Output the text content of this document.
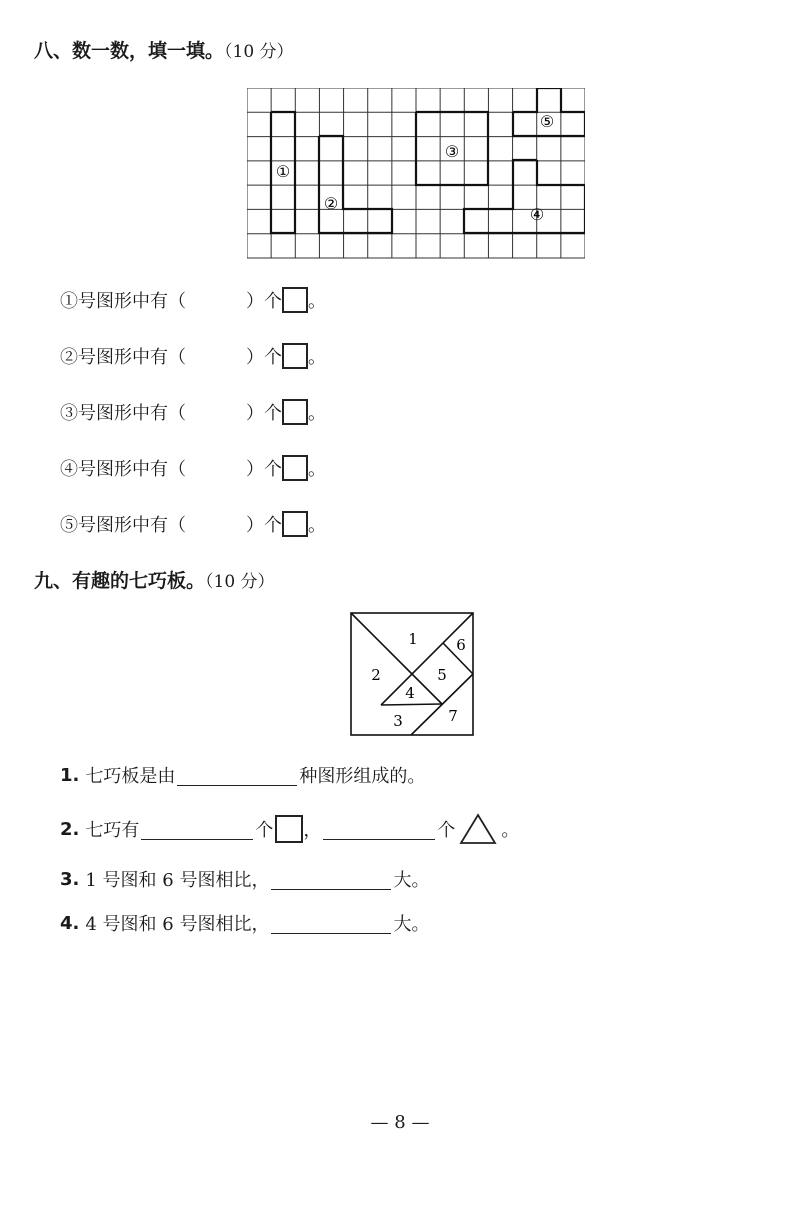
八、数一数，填一填。（10 分）
①
②
③
④
⑤
①号图形中有（	）个 。
②号图形中有（	）个 。
③号图形中有（	）个 。
④号图形中有（	）个 。
⑤号图形中有（	）个 。
九、有趣的七巧板。（10 分）
1
2
3
4
5
6
7
1. 七巧板是由	种图形组成的。
2. 七巧有	个 ，	个	。
3. 1 号图和 6 号图相比，	大。
4. 4 号图和 6 号图相比，	大。
— 8 —
